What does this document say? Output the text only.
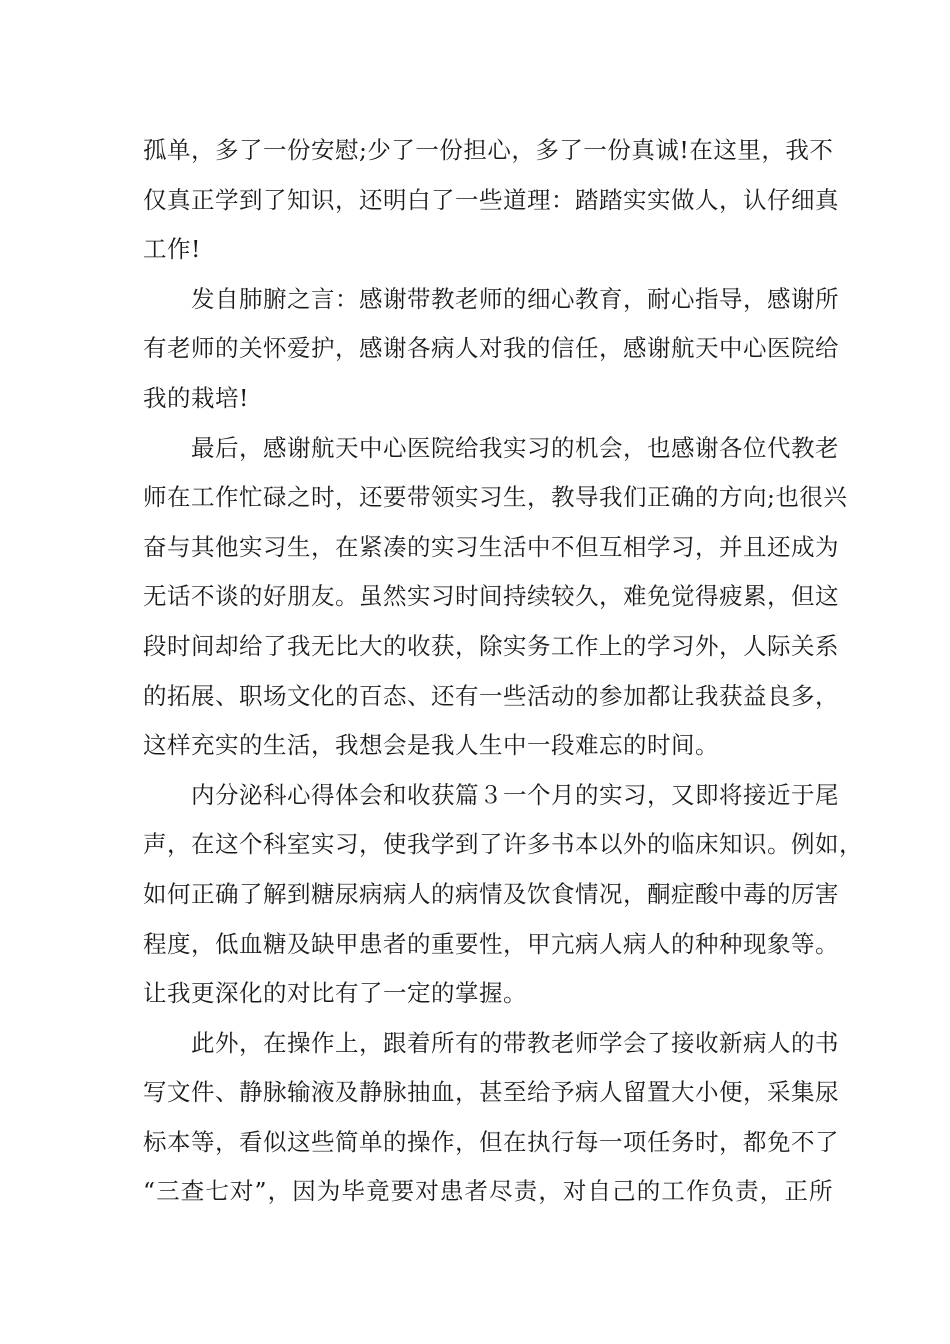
孤单，多了一份安慰;少了一份担心，多了一份真诚!在这里，我不
仅真正学到了知识，还明白了一些道理：踏踏实实做人，认仔细真
工作!
发自肺腑之言：感谢带教老师的细心教育，耐心指导，感谢所
有老师的关怀爱护，感谢各病人对我的信任，感谢航天中心医院给
我的栽培!
最后，感谢航天中心医院给我实习的机会，也感谢各位代教老
师在工作忙碌之时，还要带领实习生，教导我们正确的方向;也很兴
奋与其他实习生，在紧凑的实习生活中不但互相学习，并且还成为
无话不谈的好朋友。虽然实习时间持续较久，难免觉得疲累，但这
段时间却给了我无比大的收获，除实务工作上的学习外，人际关系
的拓展、职场文化的百态、还有一些活动的参加都让我获益良多，
这样充实的生活，我想会是我人生中一段难忘的时间。
内分泌科心得体会和收获篇３一个月的实习，又即将接近于尾
声，在这个科室实习，使我学到了许多书本以外的临床知识。例如，
如何正确了解到糖尿病病人的病情及饮食情况，酮症酸中毒的厉害
程度，低血糖及缺甲患者的重要性，甲亢病人病人的种种现象等。
让我更深化的对比有了一定的掌握。
此外，在操作上，跟着所有的带教老师学会了接收新病人的书
写文件、静脉输液及静脉抽血，甚至给予病人留置大小便，采集尿
标本等，看似这些简单的操作，但在执行每一项任务时，都免不了
“三查七对”，因为毕竟要对患者尽责，对自己的工作负责，正所
